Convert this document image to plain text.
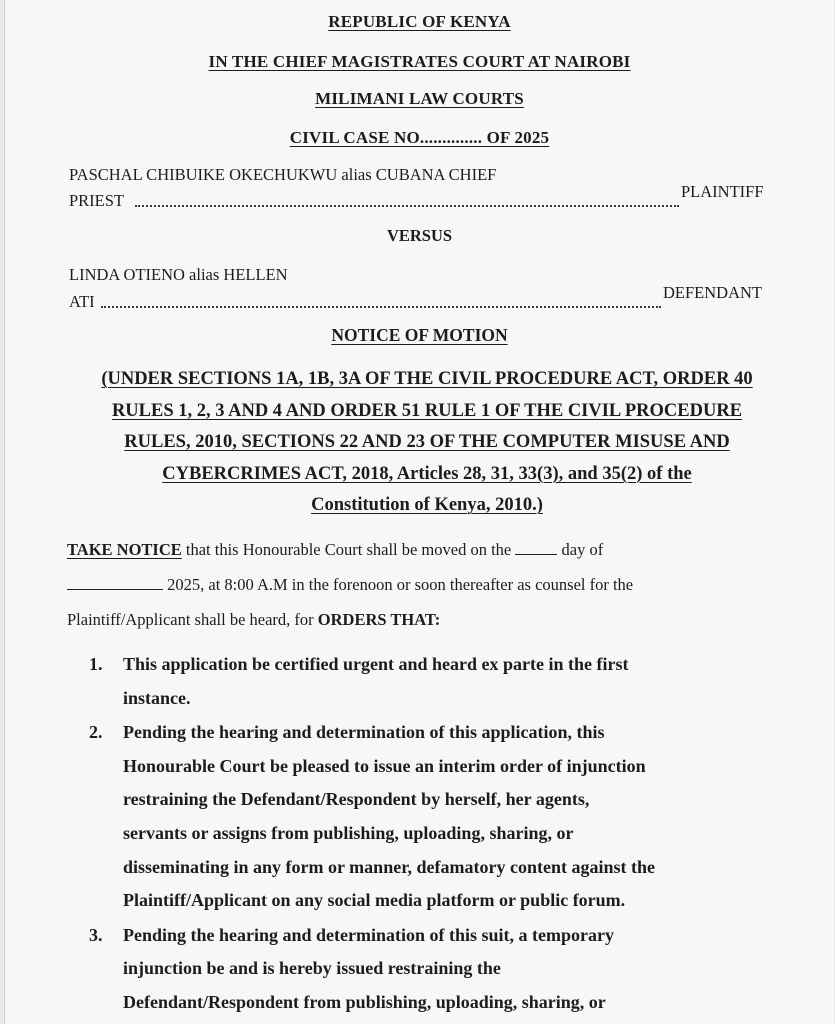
REPUBLIC OF KENYA
IN THE CHIEF MAGISTRATES COURT AT NAIROBI
MILIMANI LAW COURTS
CIVIL CASE NO.............. OF 2025
PASCHAL CHIBUIKE OKECHUKWU alias CUBANA CHIEF
PRIEST	PLAINTIFF
VERSUS
LINDA OTIENO alias HELLEN
ATI	DEFENDANT
NOTICE OF MOTION
(UNDER SECTIONS 1A, 1B, 3A OF THE CIVIL PROCEDURE ACT, ORDER 40
RULES 1, 2, 3 AND 4 AND ORDER 51 RULE 1 OF THE CIVIL PROCEDURE
RULES, 2010, SECTIONS 22 AND 23 OF THE COMPUTER MISUSE AND
CYBERCRIMES ACT, 2018, Articles 28, 31, 33(3), and 35(2) of the
Constitution of Kenya, 2010.)
TAKE NOTICE that this Honourable Court shall be moved on the	day of
2025, at 8:00 A.M in the forenoon or soon thereafter as counsel for the
Plaintiff/Applicant shall be heard, for ORDERS THAT:
1. This application be certified urgent and heard ex parte in the first
instance.
2. Pending the hearing and determination of this application, this
Honourable Court be pleased to issue an interim order of injunction
restraining the Defendant/Respondent by herself, her agents,
servants or assigns from publishing, uploading, sharing, or
disseminating in any form or manner, defamatory content against the
Plaintiff/Applicant on any social media platform or public forum.
3. Pending the hearing and determination of this suit, a temporary
injunction be and is hereby issued restraining the
Defendant/Respondent from publishing, uploading, sharing, or
